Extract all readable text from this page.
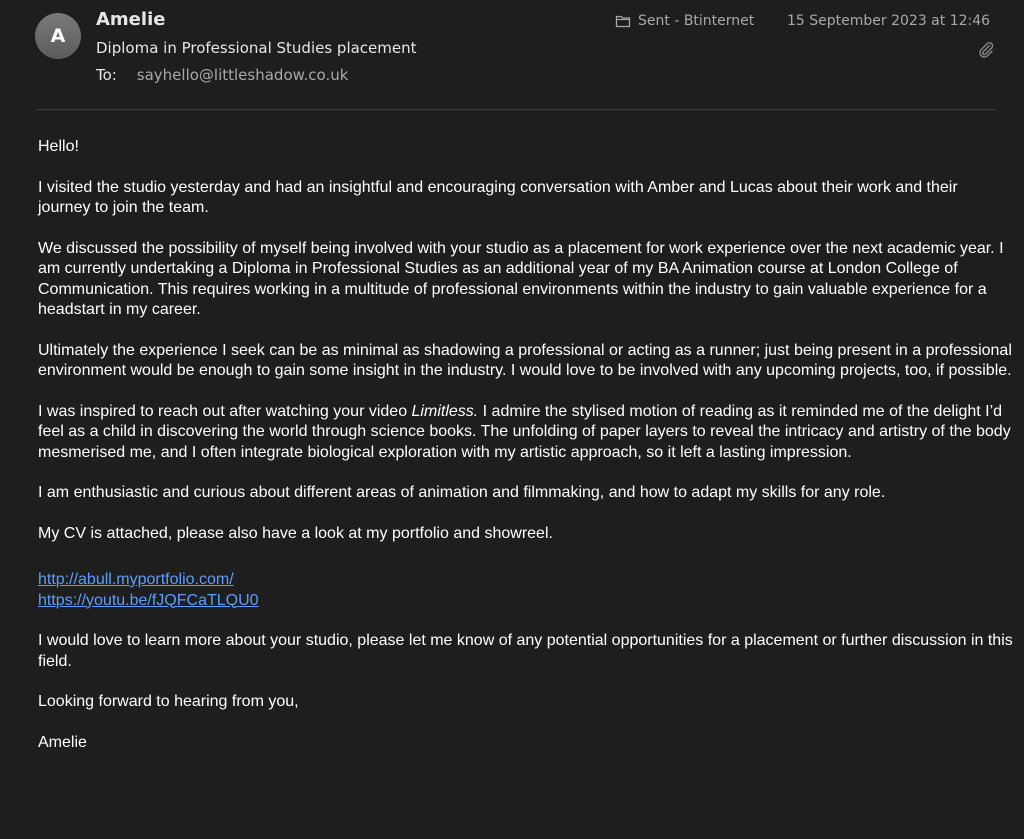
A
Amelie
Diploma in Professional Studies placement
To: sayhello@littleshadow.co.uk
Sent - Btinternet 15 September 2023 at 12:46

Hello!

I visited the studio yesterday and had an insightful and encouraging conversation with Amber and Lucas about their work and their journey to join the team.

We discussed the possibility of myself being involved with your studio as a placement for work experience over the next academic year. I am currently undertaking a Diploma in Professional Studies as an additional year of my BA Animation course at London College of Communication. This requires working in a multitude of professional environments within the industry to gain valuable experience for a headstart in my career.

Ultimately the experience I seek can be as minimal as shadowing a professional or acting as a runner; just being present in a professional environment would be enough to gain some insight in the industry. I would love to be involved with any upcoming projects, too, if possible.

I was inspired to reach out after watching your video Limitless. I admire the stylised motion of reading as it reminded me of the delight I’d feel as a child in discovering the world through science books. The unfolding of paper layers to reveal the intricacy and artistry of the body mesmerised me, and I often integrate biological exploration with my artistic approach, so it left a lasting impression.

I am enthusiastic and curious about different areas of animation and filmmaking, and how to adapt my skills for any role.

My CV is attached, please also have a look at my portfolio and showreel.

http://abull.myportfolio.com/
https://youtu.be/fJQFCaTLQU0

I would love to learn more about your studio, please let me know of any potential opportunities for a placement or further discussion in this field.

Looking forward to hearing from you,

Amelie
